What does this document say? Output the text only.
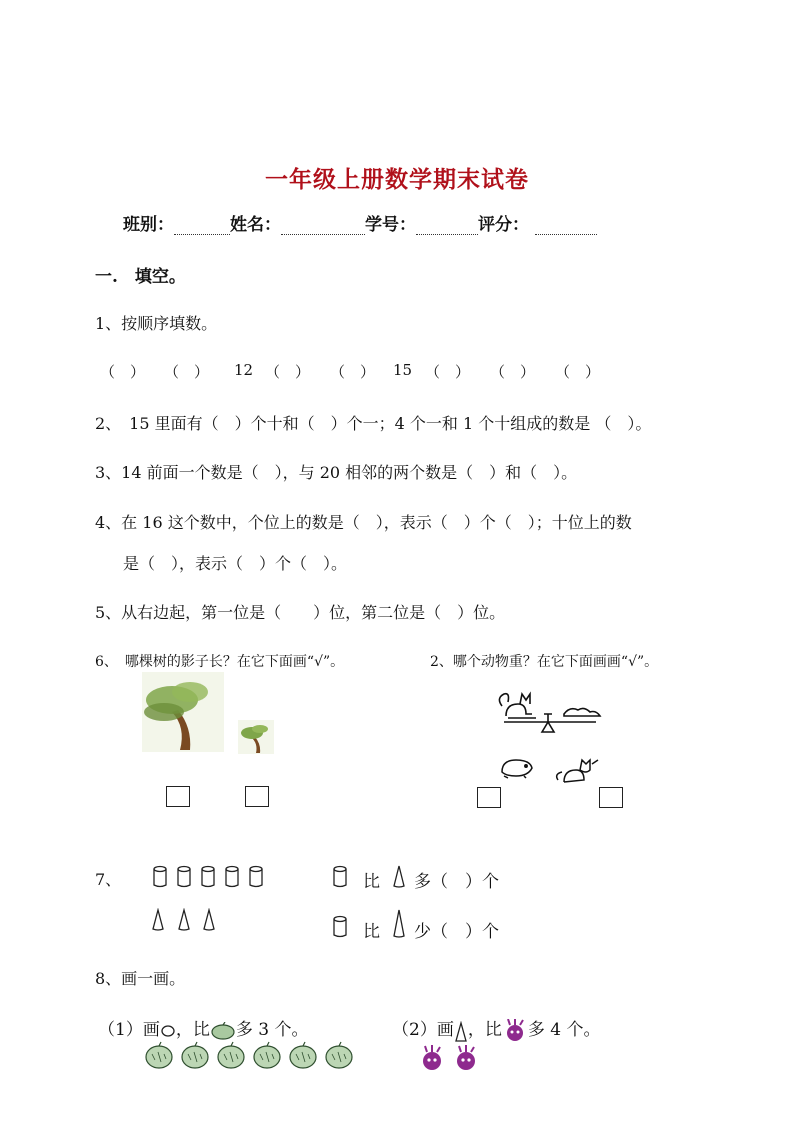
一年级上册数学期末试卷
班别：	姓名：	学号：	评分：
一.　填空。
1、按顺序填数。
（　） （　） 12 （　） （　） 15 （　） （　） （　）
2、　15 里面有（　）个十和（　）个一；4 个一和 1 个十组成的数是 （　）。
3、14 前面一个数是（　），与 20 相邻的两个数是（　）和（　）。
4、在 16 这个数中，个位上的数是（　），表示（　）个（　）；十位上的数
是（　），表示（　）个（　）。
5、从右边起，第一位是（　　）位，第二位是（　）位。
6、　哪棵树的影子长？在它下面画“√”。	2、哪个动物重？在它下面画画“√”。
7、	比 多（　）个
比 少（　）个
8、画一画。
（1）画 ，比 多 3 个。	（2）画 ，比 多 4 个。
